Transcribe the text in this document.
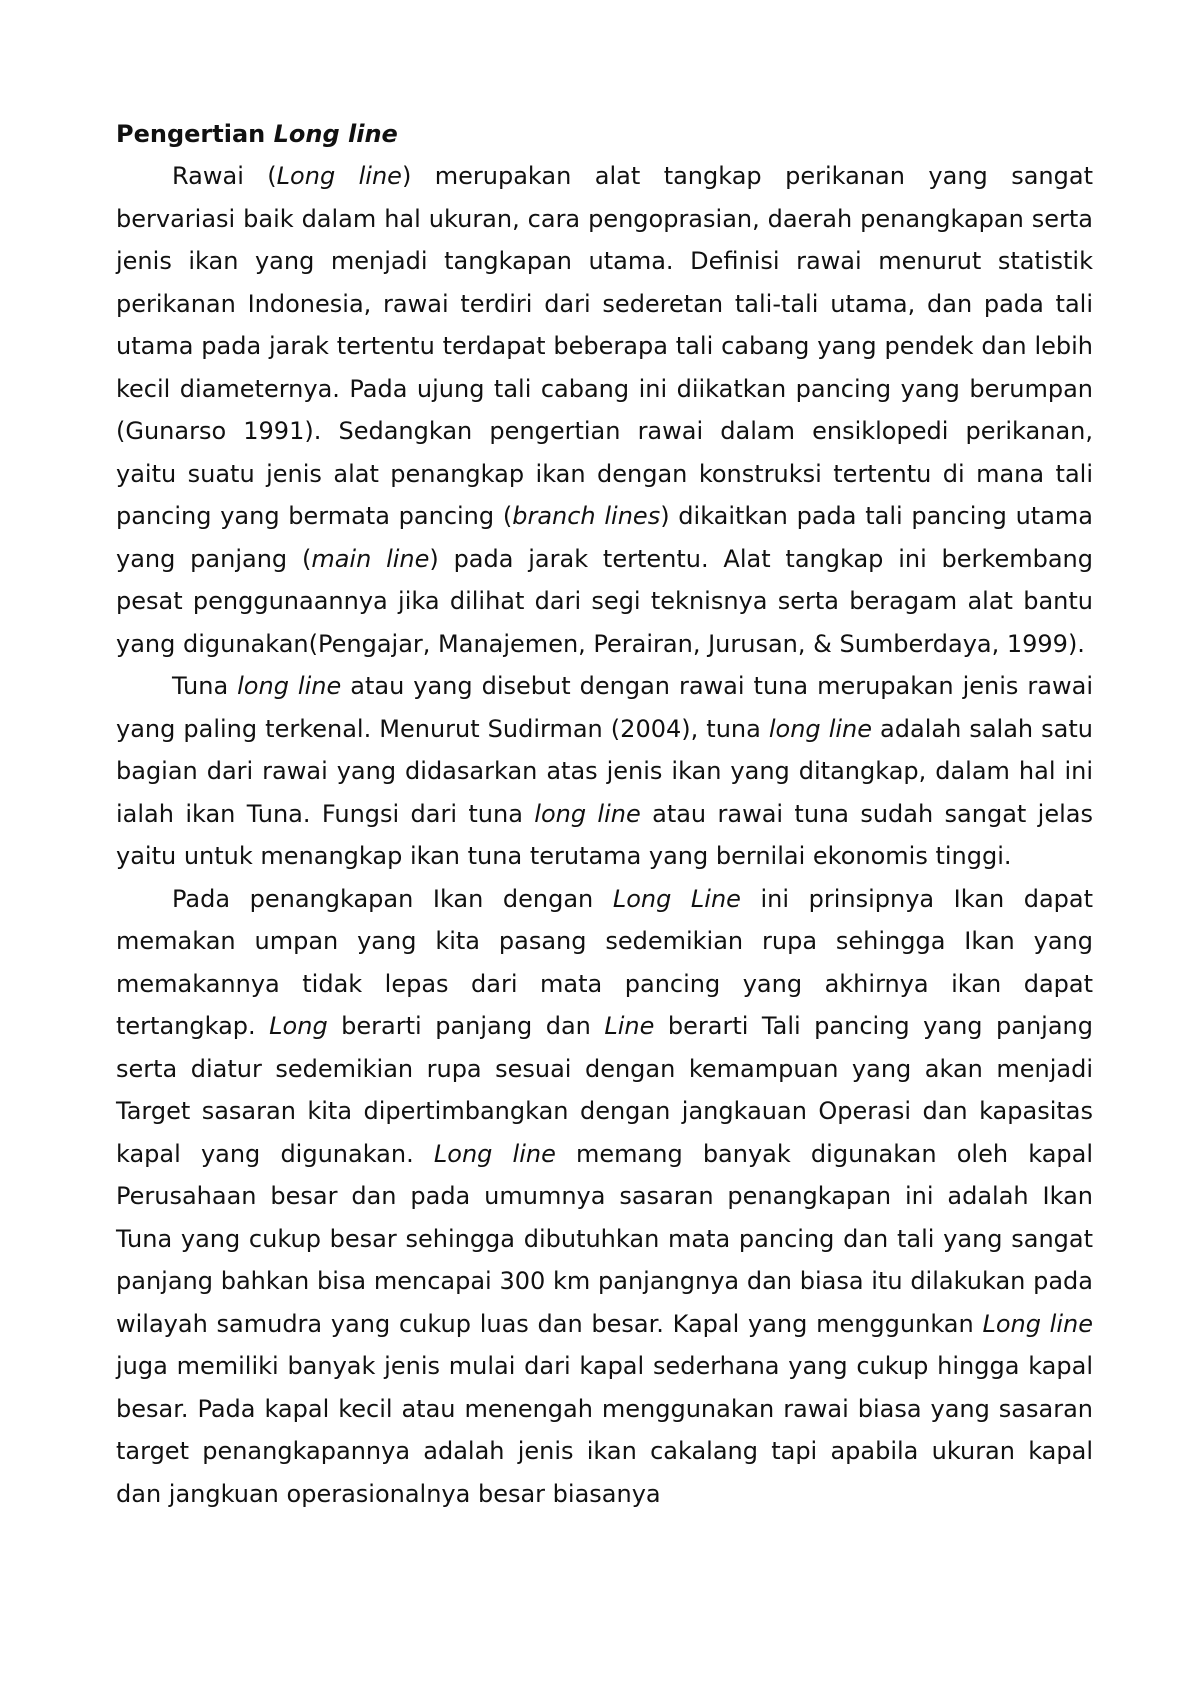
Pengertian Long line

Rawai (Long line) merupakan alat tangkap perikanan yang sangat bervariasi baik dalam hal ukuran, cara pengoprasian, daerah penangkapan serta jenis ikan yang menjadi tangkapan utama. Definisi rawai menurut statistik perikanan Indonesia, rawai terdiri dari sederetan tali-tali utama, dan pada tali utama pada jarak tertentu terdapat beberapa tali cabang yang pendek dan lebih kecil diameternya. Pada ujung tali cabang ini diikatkan pancing yang berumpan (Gunarso 1991). Sedangkan pengertian rawai dalam ensiklopedi perikanan, yaitu suatu jenis alat penangkap ikan dengan konstruksi tertentu di mana tali pancing yang bermata pancing (branch lines) dikaitkan pada tali pancing utama yang panjang (main line) pada jarak tertentu. Alat tangkap ini berkembang pesat penggunaannya jika dilihat dari segi teknisnya serta beragam alat bantu yang digunakan(Pengajar, Manajemen, Perairan, Jurusan, & Sumberdaya, 1999).

Tuna long line atau yang disebut dengan rawai tuna merupakan jenis rawai yang paling terkenal. Menurut Sudirman (2004), tuna long line adalah salah satu bagian dari rawai yang didasarkan atas jenis ikan yang ditangkap, dalam hal ini ialah ikan Tuna. Fungsi dari tuna long line atau rawai tuna sudah sangat jelas yaitu untuk menangkap ikan tuna terutama yang bernilai ekonomis tinggi.

Pada penangkapan Ikan dengan Long Line ini prinsipnya Ikan dapat memakan umpan yang kita pasang sedemikian rupa sehingga Ikan yang memakannya tidak lepas dari mata pancing yang akhirnya ikan dapat tertangkap. Long berarti panjang dan Line berarti Tali pancing yang panjang serta diatur sedemikian rupa sesuai dengan kemampuan yang akan menjadi Target sasaran kita dipertimbangkan dengan jangkauan Operasi dan kapasitas kapal yang digunakan. Long line memang banyak digunakan oleh kapal Perusahaan besar dan pada umumnya sasaran penangkapan ini adalah Ikan Tuna yang cukup besar sehingga dibutuhkan mata pancing dan tali yang sangat panjang bahkan bisa mencapai 300 km panjangnya dan biasa itu dilakukan pada wilayah samudra yang cukup luas dan besar. Kapal yang menggunkan Long line juga memiliki banyak jenis mulai dari kapal sederhana yang cukup hingga kapal besar. Pada kapal kecil atau menengah menggunakan rawai biasa yang sasaran target penangkapannya adalah jenis ikan cakalang tapi apabila ukuran kapal dan jangkuan operasionalnya besar biasanya
